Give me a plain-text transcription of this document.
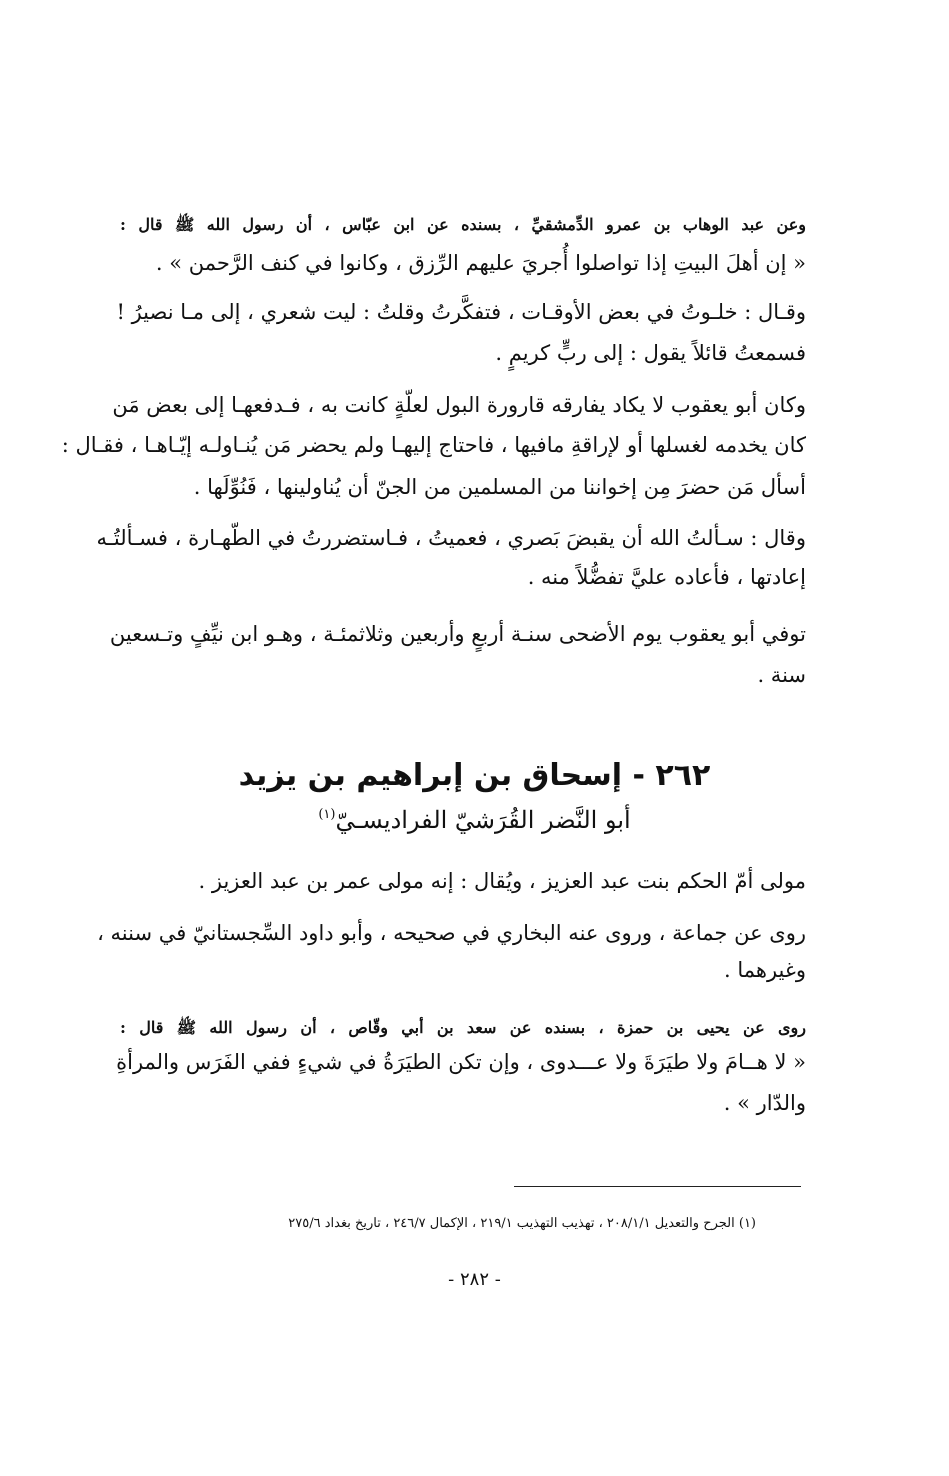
وعن عبد الوهاب بن عمرو الدِّمشقيِّ ، بسنده عن ابن عبّاس ، أن رسول الله ﷺ قال :
« إن أهلَ البيتِ إذا تواصلوا أُجريَ عليهم الرِّزق ، وكانوا في كنف الرَّحمن » .
وقـال : خلـوتُ في بعض الأوقـات ، فتفكَّرتُ وقلتُ : ليت شعري ، إلى مـا نصيرُ !
فسمعتُ قائلاً يقول : إلى ربٍّ كريمٍ .
وكان أبو يعقوب لا يكاد يفارقه قارورة البول لعلّةٍ كانت به ، فـدفعهـا إلى بعض مَن
كان يخدمه لغسلها أو لإراقةِ مافيها ، فاحتاج إليهـا ولم يحضر مَن يُنـاولـه إيّـاهـا ، فقـال :
أسأل مَن حضرَ مِن إخواننا من المسلمين من الجنّ أن يُناولينها ، فَنُوِّلَها .
وقال : سـألتُ الله أن يقبضَ بَصري ، فعميتُ ، فـاستضررتُ في الطّهـارة ، فسـألتُـه
إعادتها ، فأعاده عليَّ تفضُّلاً منه .
توفي أبو يعقوب يوم الأضحى سنـة أربعٍ وأربعين وثلاثمئـة ، وهـو ابن نيِّفٍ وتـسعين
سنة .
٢٦٢ - إسحاق بن إبراهيم بن يزيد
أبو النَّضر القُرَشيّ الفراديسـيّ$^{(١)}$
مولى أمّ الحكم بنت عبد العزيز ، ويُقال : إنه مولى عمر بن عبد العزيز .
روى عن جماعة ، وروى عنه البخاري في صحيحه ، وأبو داود السِّجستانيّ في سننه ،
وغيرهما .
روى عن يحيى بن حمزة ، بسنده عن سعد بن أبي وقّاص ، أن رسول الله ﷺ قال :
« لا هــامَ ولا طيَرَةَ ولا عـــدوى ، وإن تكن الطيَرَةُ في شيءٍ ففي الفَرَس والمرأةِ
والدّار » .
(١) الجرح والتعديل ٢٠٨/١/١ ، تهذيب التهذيب ٢١٩/١ ، الإكمال ٢٤٦/٧ ، تاريخ بغداد ٢٧٥/٦
- ٢٨٢ -
